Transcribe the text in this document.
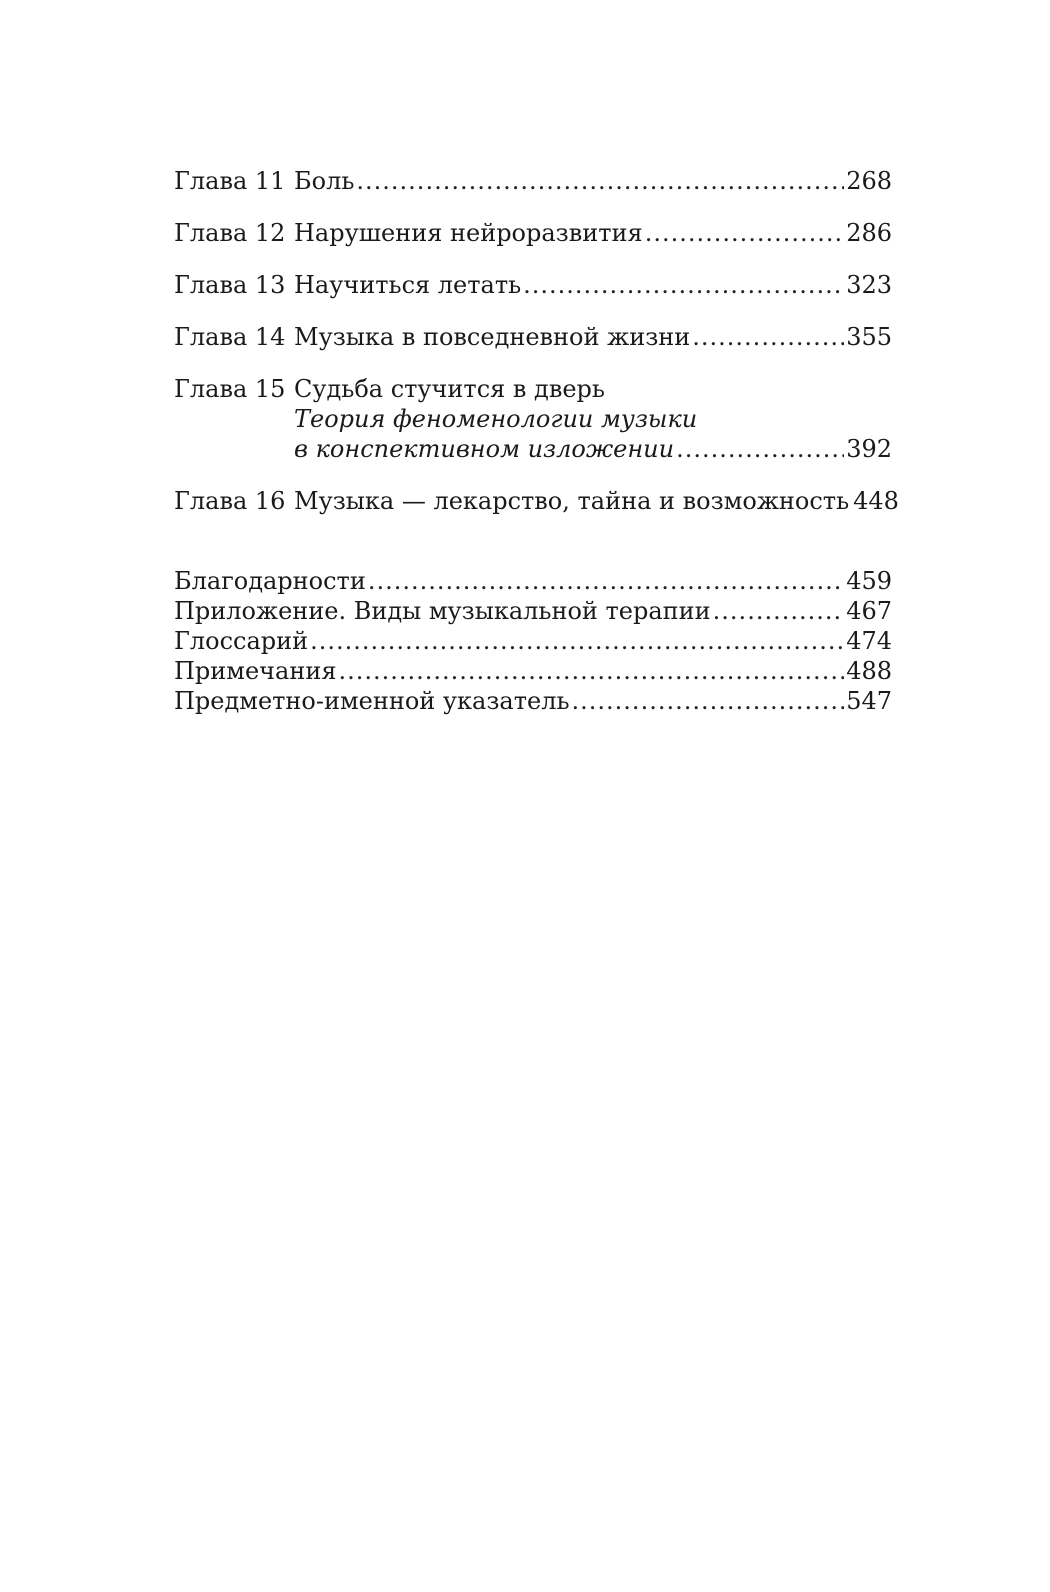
Глава 11 Боль .....	268
Глава 12 Нарушения нейроразвития .....	286
Глава 13 Научиться летать .....	323
Глава 14 Музыка в повседневной жизни .....	355
Глава 15 Судьба стучится в дверь
Теория феноменологии музыки
в конспективном изложении .....	392
Глава 16 Музыка — лекарство, тайна и возможность 448
Благодарности .....	459
Приложение. Виды музыкальной терапии .....	467
Глоссарий .....	474
Примечания .....	488
Предметно-именной указатель .....	547
